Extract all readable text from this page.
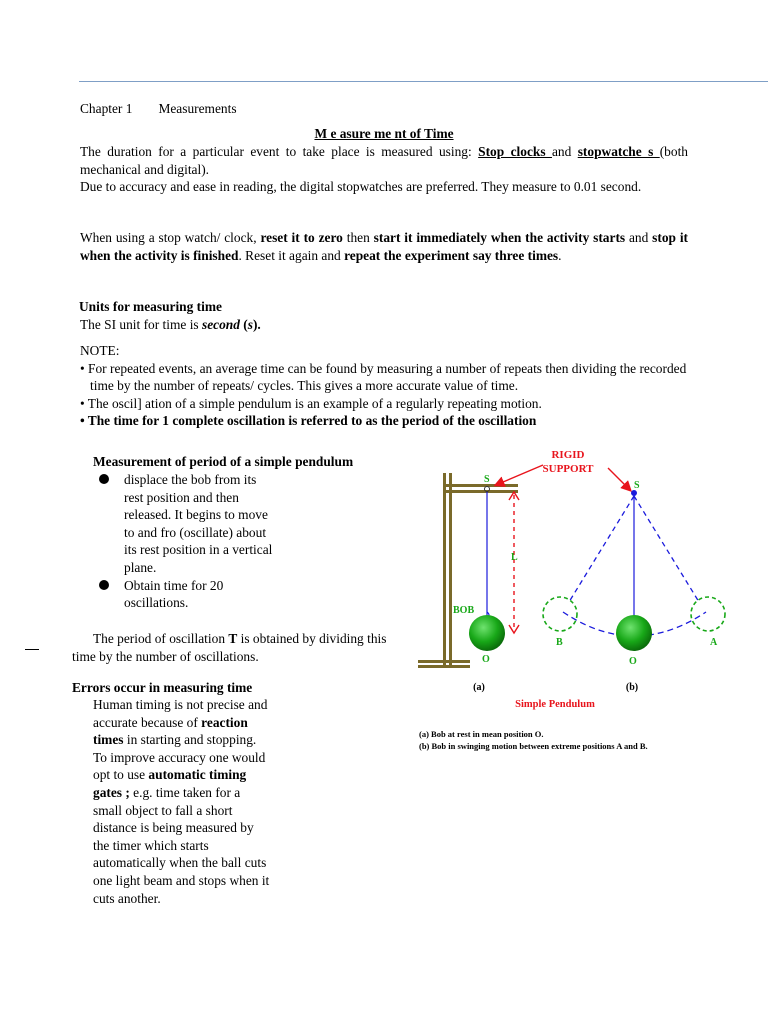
Chapter 1 Measurements
M e asure me nt of Time

The duration for a particular event to take place is measured using: Stop clocks and stopwatche s (both mechanical and digital).

Due to accuracy and ease in reading, the digital stopwatches are preferred. They measure to 0.01 second.

When using a stop watch/ clock, reset it to zero then start it immediately when the activity starts and stop it when the activity is finished. Reset it again and repeat the experiment say three times.
Units for measuring time
The SI unit for time is second (s).

NOTE:

• For repeated events, an average time can be found by measuring a number of repeats then dividing the recorded time by the number of repeats/ cycles. This gives a more accurate value of time.

• The oscil] ation of a simple pendulum is an example of a regularly repeating motion.

• The time for 1 complete oscillation is referred to as the period of the oscillation

Measurement of period of a simple pendulum
displace the bob from its rest position and then released. It begins to move to and fro (oscillate) about its rest position in a vertical plane.
Obtain time for 20 oscillations.
The period of oscillation T is obtained by dividing this time by the number of oscillations.
Errors occur in measuring time
Human timing is not precise and accurate because of reaction times in starting and stopping. To improve accuracy one would opt to use automatic timing gates ; e.g. time taken for a small object to fall a short distance is being measured by the timer which starts automatically when the ball cuts one light beam and stops when it cuts another.
RIGID
SUPPORT
S
S
L
BOB
O	O
B	A
(a)	(b)
Simple Pendulum
(a) Bob at rest in mean position O.
(b) Bob in swinging motion between extreme positions A and B.
